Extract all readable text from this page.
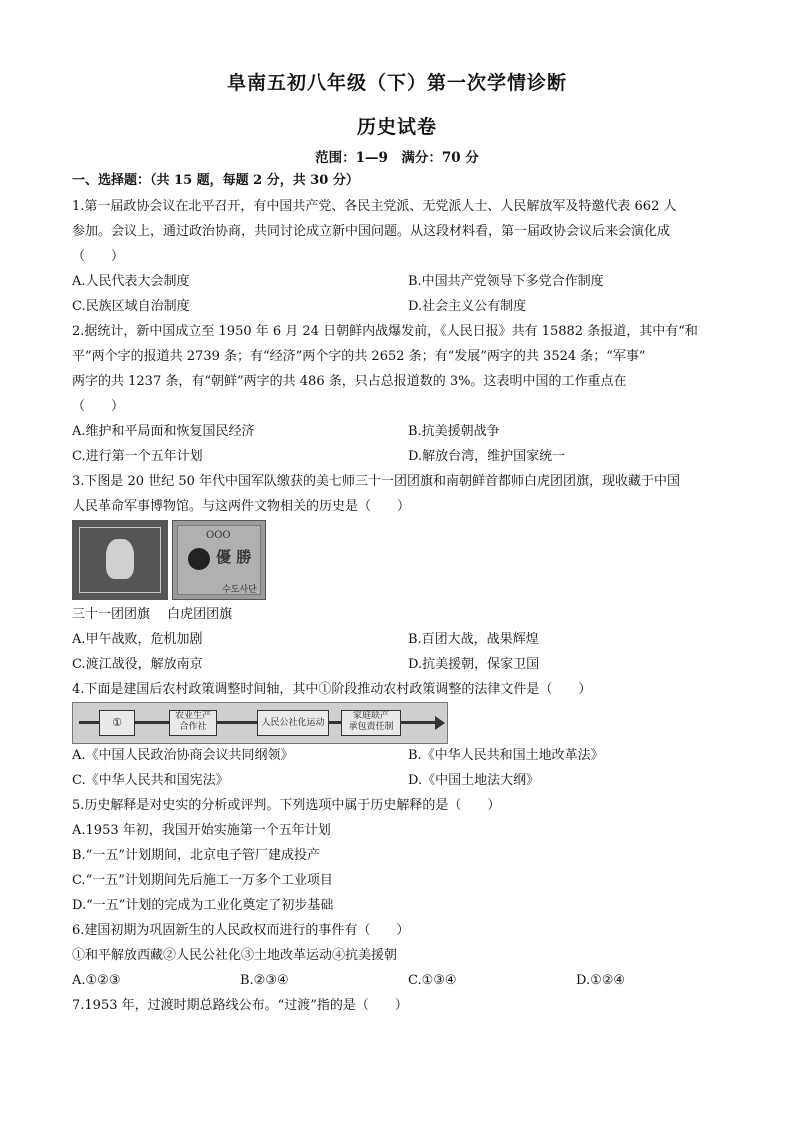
阜南五初八年级（下）第一次学情诊断
历史试卷
范围：1—9　满分：70 分
一、选择题：（共 15 题，每题 2 分，共 30 分）
1.第一届政协会议在北平召开，有中国共产党、各民主党派、无党派人士、人民解放军及特邀代表 662 人
参加。会议上，通过政治协商，共同讨论成立新中国问题。从这段材料看，第一届政协会议后来会演化成
（　　）
A.人民代表大会制度	B.中国共产党领导下多党合作制度
C.民族区域自治制度	D.社会主义公有制度
2.据统计，新中国成立至 1950 年 6 月 24 日朝鲜内战爆发前，《人民日报》共有 15882 条报道，其中有“和
平”两个字的报道共 2739 条；有“经济”两个字的共 2652 条；有“发展”两字的共 3524 条；“军事”
两字的共 1237 条，有“朝鲜”两字的共 486 条，只占总报道数的 3%。这表明中国的工作重点在
（　　）
A.维护和平局面和恢复国民经济	B.抗美援朝战争
C.进行第一个五年计划	D.解放台湾，维护国家统一
3.下图是 20 世纪 50 年代中国军队缴获的美七师三十一团团旗和南朝鲜首都师白虎团团旗，现收藏于中国
人民革命军事博物馆。与这两件文物相关的历史是（　　）
OOO
優 勝
수도사단
三十一团团旗　 白虎团团旗
A.甲午战败，危机加剧	B.百团大战，战果辉煌
C.渡江战役，解放南京	D.抗美援朝，保家卫国
4.下面是建国后农村政策调整时间轴，其中①阶段推动农村政策调整的法律文件是（　　）
①	农业生产
合作社	人民公社化运动
家庭联产
承包责任制
A.《中国人民政治协商会议共同纲领》	B.《中华人民共和国土地改革法》
C.《中华人民共和国宪法》	D.《中国土地法大纲》
5.历史解释是对史实的分析或评判。下列选项中属于历史解释的是（　　）
A.1953 年初，我国开始实施第一个五年计划
B.“一五”计划期间，北京电子管厂建成投产
C.“一五”计划期间先后施工一万多个工业项目
D.“一五”计划的完成为工业化奠定了初步基础
6.建国初期为巩固新生的人民政权而进行的事件有（　　）
①和平解放西藏②人民公社化③土地改革运动④抗美援朝
A.①②③	B.②③④	C.①③④	D.①②④
7.1953 年，过渡时期总路线公布。“过渡”指的是（　　）
